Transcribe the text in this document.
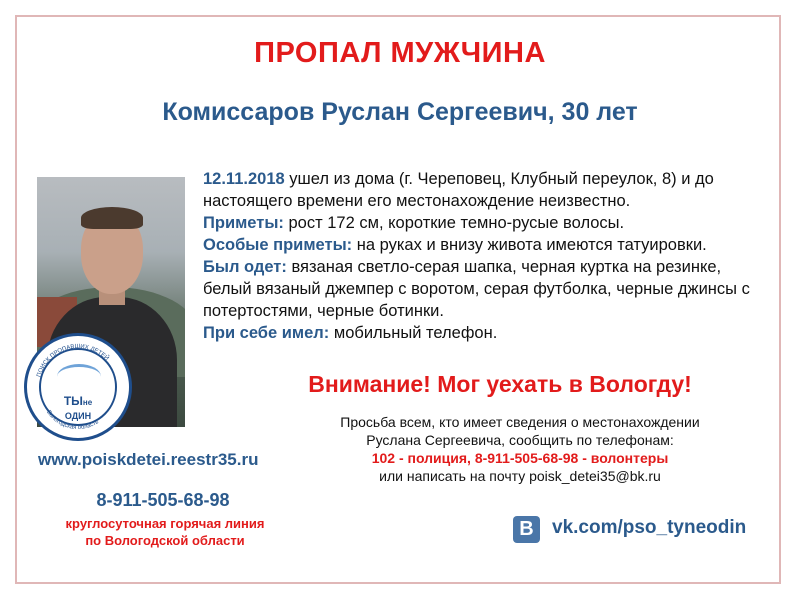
ПРОПАЛ МУЖЧИНА
Комиссаров Руслан Сергеевич, 30 лет
ПОИСК ПРОПАВШИХ ДЕТЕЙ
Вологодская область
ТЫне
ОДИН

12.11.2018 ушел из дома (г. Череповец, Клубный переулок, 8) и до настоящего времени его местонахождение неизвестно.

Приметы: рост 172 см, короткие темно-русые волосы.

Особые приметы: на руках и внизу живота имеются татуировки.

Был одет: вязаная светло-серая шапка, черная куртка на резинке, белый вязаный джемпер с воротом, серая футболка, черные джинсы с потертостями, черные ботинки.

При себе имел: мобильный телефон.

Внимание! Мог уехать в Вологду!
Просьба всем, кто имеет сведения о местонахождении
Руслана Сергеевича, сообщить по телефонам:
102 - полиция, 8-911-505-68-98 - волонтеры
или написать на почту poisk_detei35@bk.ru
www.poiskdetei.reestr35.ru
8-911-505-68-98
круглосуточная горячая линия
по Вологодской области
В vk.com/pso_tyneodin
